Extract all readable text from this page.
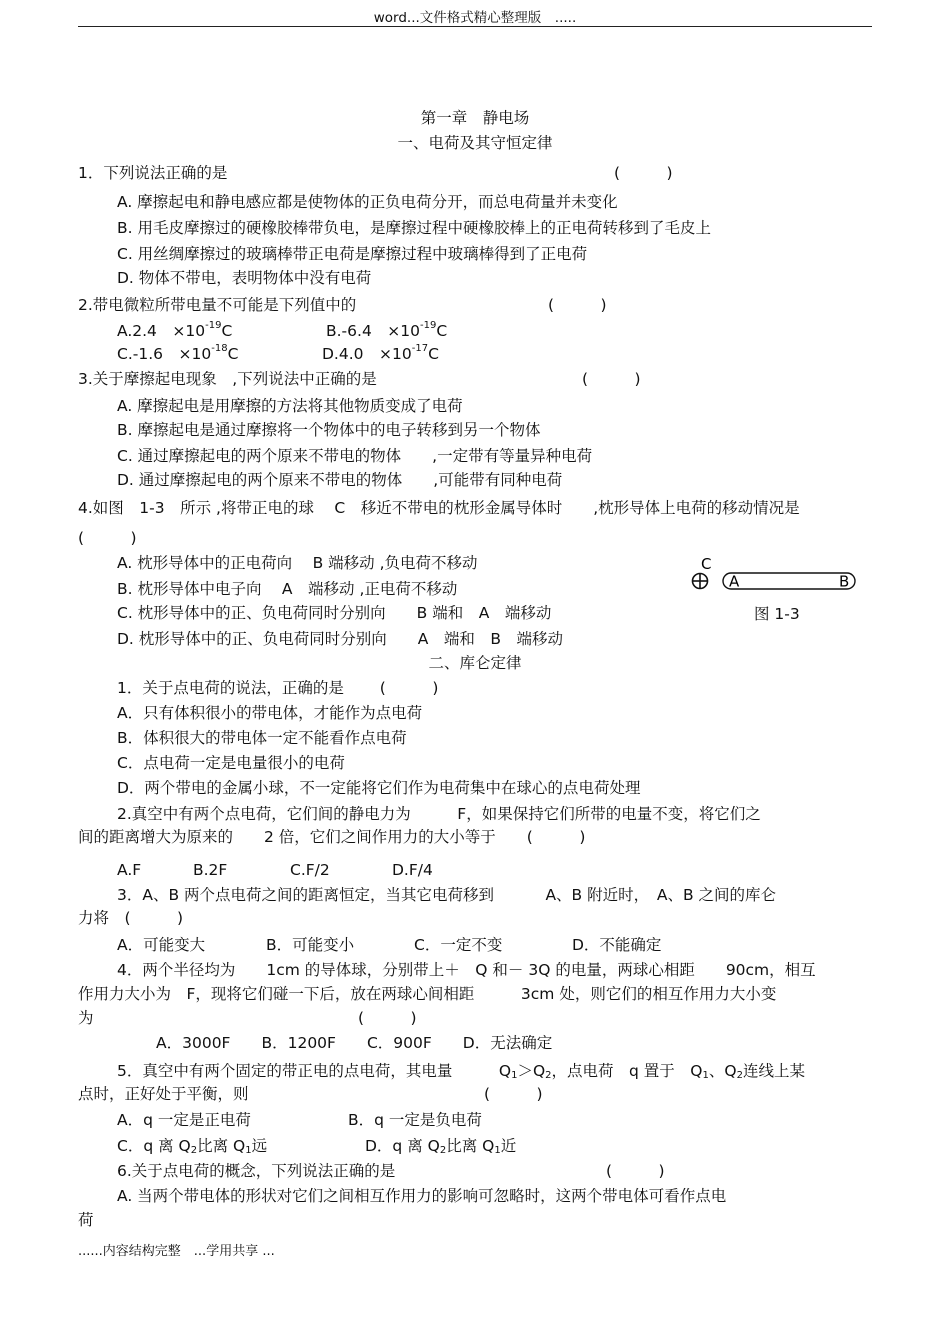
word...文件格式精心整理版　.....
第一章　静电场
一、电荷及其守恒定律
1．下列说法正确的是	(　　　)
A. 摩擦起电和静电感应都是使物体的正负电荷分开，而总电荷量并未变化
B. 用毛皮摩擦过的硬橡胶棒带负电，是摩擦过程中硬橡胶棒上的正电荷转移到了毛皮上
C. 用丝绸摩擦过的玻璃棒带正电荷是摩擦过程中玻璃棒得到了正电荷
D. 物体不带电，表明物体中没有电荷
2.带电微粒所带电量不可能是下列值中的	(　　　)
A.2.4　$\times 10^{-19}C$	B.-6.4　$\times 10^{-19}C$
C.-1.6　$\times 10^{-18}C$	D.4.0　$\times 10^{-17}C$
3.关于摩擦起电现象　,下列说法中正确的是	(　　　)
A. 摩擦起电是用摩擦的方法将其他物质变成了电荷
B. 摩擦起电是通过摩擦将一个物体中的电子转移到另一个物体
C. 通过摩擦起电的两个原来不带电的物体　　,一定带有等量异种电荷
D. 通过摩擦起电的两个原来不带电的物体　　,可能带有同种电荷
4.如图　1-3　所示 ,将带正电的球　 C　移近不带电的枕形金属导体时　　,枕形导体上电荷的移动情况是
(　　　)
A. 枕形导体中的正电荷向　 B 端移动 ,负电荷不移动
B. 枕形导体中电子向　 A　端移动 ,正电荷不移动
C. 枕形导体中的正、负电荷同时分别向　　B 端和　A　端移动
D. 枕形导体中的正、负电荷同时分别向　　A　端和　B　端移动
C
A	B
图 1-3
二、库仑定律
1．关于点电荷的说法，正确的是　　 (　　　)
A．只有体积很小的带电体，才能作为点电荷
B．体积很大的带电体一定不能看作点电荷
C．点电荷一定是电量很小的电荷
D．两个带电的金属小球，不一定能将它们作为电荷集中在球心的点电荷处理
2.真空中有两个点电荷，它们间的静电力为　　　F，如果保持它们所带的电量不变，将它们之
间的距离增大为原来的　　2 倍，它们之间作用力的大小等于　　(　　　)
A.F	B.2F	C.F/2	D.F/4
3．A、B 两个点电荷之间的距离恒定，当其它电荷移到　　　 A、B 附近时，　A、B 之间的库仑
力将　(　　　)
A．可能变大	B．可能变小	C．一定不变	D．不能确定
4．两个半径均为　　1cm 的导体球，分别带上＋　Q 和－ 3Q 的电量，两球心相距　　90cm，相互
作用力大小为　F，现将它们碰一下后，放在两球心间相距　　　3cm 处，则它们的相互作用力大小变
为	(　　　)
A．3000F　　B．1200F　　C．900F　　D．无法确定
5．真空中有两个固定的带正电的点电荷，其电量　　　$Q_1>Q_2$，点电荷　q 置于　$Q_1$、$Q_2$连线上某
点时，正好处于平衡，则	(　　　)
A．q 一定是正电荷	B．q 一定是负电荷
C．q 离 $Q_2$比离 $Q_1$远	D．q 离 $Q_2$比离 $Q_1$近
6.关于点电荷的概念，下列说法正确的是	(　　　)
A. 当两个带电体的形状对它们之间相互作用力的影响可忽略时，这两个带电体可看作点电
荷
......内容结构完整　...学用共享 ...
